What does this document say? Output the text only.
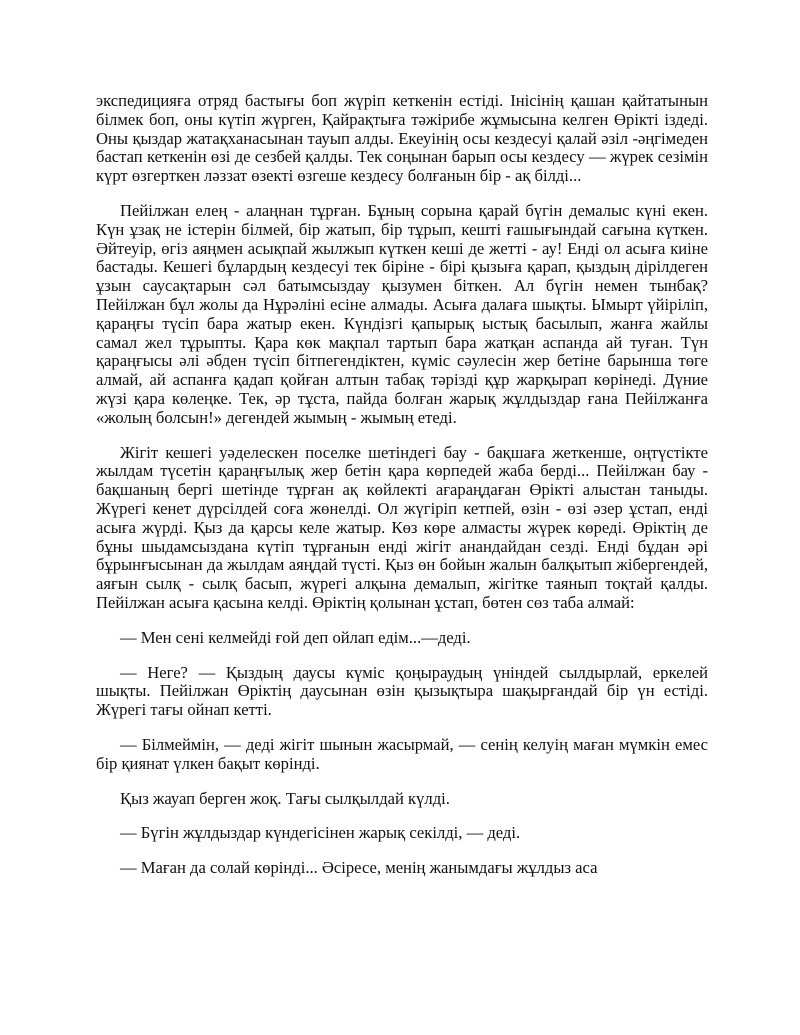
экспедицияға отряд бастығы боп жүріп кеткенін естіді. Інісінің қашан қайтатынын білмек боп, оны күтіп жүрген, Қайрақтыға тәжірибе жұмысына келген Өрікті іздеді. Оны қыздар жатақханасынан тауып алды. Екеуінің осы кездесуі қалай әзіл -әңгімеден бастап кеткенін өзі де сезбей қалды. Тек соңынан барып осы кездесу — жүрек сезімін күрт өзгерткен ләззат өзекті өзгеше кездесу болғанын бір - ақ білді...

Пейілжан елең - алаңнан тұрған. Бұның сорына қарай бүгін демалыс күні екен. Күн ұзақ не істерін білмей, бір жатып, бір тұрып, кешті ғашығындай сағына күткен. Әйтеуір, өгіз аяңмен асықпай жылжып күткен кеші де жетті - ау! Енді ол асыға киіне бастады. Кешегі бұлардың кездесуі тек біріне - бірі қызыға қарап, қыздың дірілдеген ұзын саусақтарын сәл батымсыздау қызумен біткен. Ал бүгін немен тынбақ? Пейілжан бұл жолы да Нұрәліні есіне алмады. Асыға далаға шықты. Ымырт үйіріліп, қараңғы түсіп бара жатыр екен. Күндізгі қапырық ыстық басылып, жанға жайлы самал жел тұрыпты. Қара көк мақпал тартып бара жатқан аспанда ай туған. Түн қараңғысы әлі әбден түсіп бітпегендіктен, күміс сәулесін жер бетіне барынша төге алмай, ай аспанға қадап қойған алтын табақ тәрізді құр жарқырап көрінеді. Дүние жүзі қара көлеңке. Тек, әр тұста, пайда болған жарық жұлдыздар ғана Пейілжанға «жолың болсын!» дегендей жымың - жымың етеді.

Жігіт кешегі уәделескен поселке шетіндегі бау - бақшаға жеткенше, оңтүстікте жылдам түсетін қараңғылық жер бетін қара көрпедей жаба берді... Пейілжан бау - бақшаның бергі шетінде тұрған ақ көйлекті ағараңдаған Өрікті алыстан таныды. Жүрегі кенет дүрсілдей соға жөнелді. Ол жүгіріп кетпей, өзін - өзі әзер ұстап, енді асыға жүрді. Қыз да қарсы келе жатыр. Көз көре алмасты жүрек көреді. Өріктің де бұны шыдамсыздана күтіп тұрғанын енді жігіт анандайдан сезді. Енді бұдан әрі бұрынғысынан да жылдам аяңдай түсті. Қыз өн бойын жалын балқытып жібергендей, аяғын сылқ - сылқ басып, жүрегі алқына демалып, жігітке таянып тоқтай қалды. Пейілжан асыға қасына келді. Өріктің қолынан ұстап, бөтен сөз таба алмай:

— Мен сені келмейді ғой деп ойлап едім...—деді.

— Неге? — Қыздың даусы күміс қоңыраудың үніндей сылдырлай, еркелей шықты. Пейілжан Өріктің даусынан өзін қызықтыра шақырғандай бір үн естіді. Жүрегі тағы ойнап кетті.

— Білмеймін, — деді жігіт шынын жасырмай, — сенің келуің маған мүмкін емес бір қиянат үлкен бақыт көрінді.

Қыз жауап берген жоқ. Тағы сылқылдай күлді.

— Бүгін жұлдыздар күндегісінен жарық секілді, — деді.

— Маған да солай көрінді... Әсіресе, менің жанымдағы жұлдыз аса
